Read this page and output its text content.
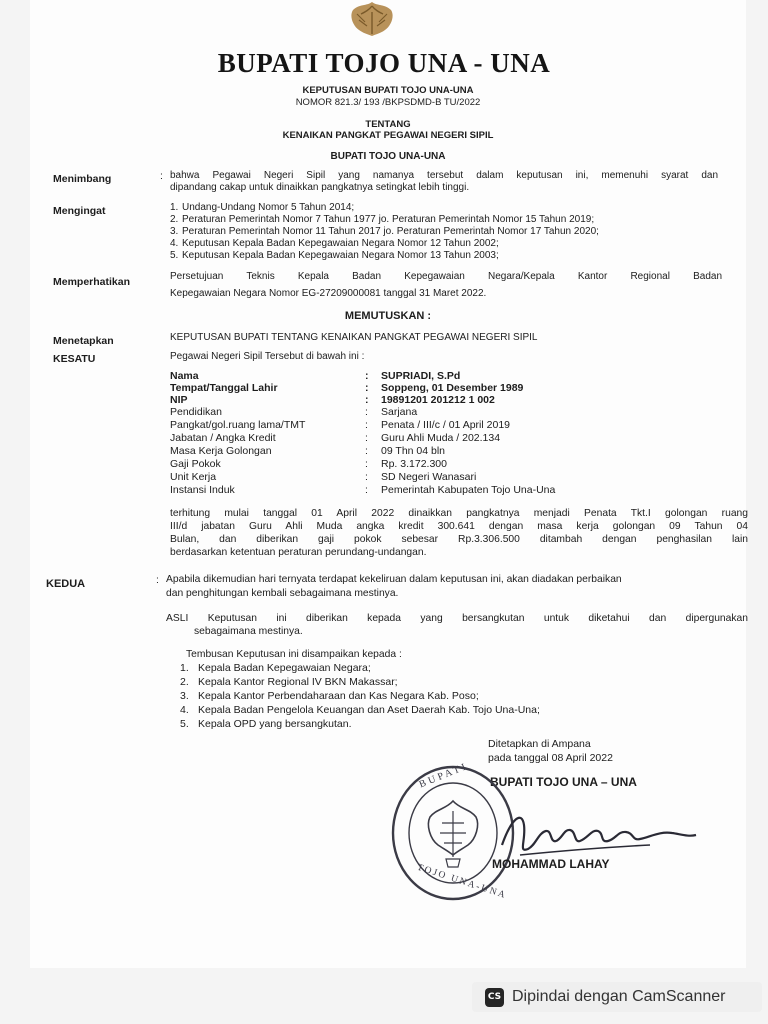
BUPATI TOJO UNA - UNA
KEPUTUSAN BUPATI TOJO UNA-UNA
NOMOR 821.3/ 193 /BKPSDMD-B TU/2022
TENTANG
KENAIKAN PANGKAT PEGAWAI NEGERI SIPIL
BUPATI TOJO UNA-UNA
Menimbang	: bahwa Pegawai Negeri Sipil yang namanya tersebut dalam keputusan ini, memenuhi syarat dan
dipandang cakap untuk dinaikkan pangkatnya setingkat lebih tinggi.
Mengingat	1. Undang-Undang Nomor 5 Tahun 2014;
2. Peraturan Pemerintah Nomor 7 Tahun 1977 jo. Peraturan Pemerintah Nomor 15 Tahun 2019;
3. Peraturan Pemerintah Nomor 11 Tahun 2017 jo. Peraturan Pemerintah Nomor 17 Tahun 2020;
4. Keputusan Kepala Badan Kepegawaian Negara Nomor 12 Tahun 2002;
5. Keputusan Kepala Badan Kepegawaian Negara Nomor 13 Tahun 2003;
Memperhatikan	Persetujuan Teknis Kepala Badan Kepegawaian Negara/Kepala Kantor Regional Badan
Kepegawaian Negara Nomor EG-27209000081 tanggal 31 Maret 2022.
MEMUTUSKAN :
Menetapkan	KEPUTUSAN BUPATI TENTANG KENAIKAN PANGKAT PEGAWAI NEGERI SIPIL
KESATU	Pegawai Negeri Sipil Tersebut di bawah ini :
Nama	: SUPRIADI, S.Pd
Tempat/Tanggal Lahir	: Soppeng, 01 Desember 1989
NIP	: 19891201 201212 1 002
Pendidikan	: Sarjana
Pangkat/gol.ruang lama/TMT	: Penata / III/c / 01 April 2019
Jabatan / Angka Kredit	: Guru Ahli Muda / 202.134
Masa Kerja Golongan	: 09 Thn 04 bln
Gaji Pokok	: Rp. 3.172.300
Unit Kerja	: SD Negeri Wanasari
Instansi Induk	: Pemerintah Kabupaten Tojo Una-Una
terhitung mulai tanggal 01 April 2022 dinaikkan pangkatnya menjadi Penata Tkt.I golongan ruang
III/d jabatan Guru Ahli Muda angka kredit 300.641 dengan masa kerja golongan 09 Tahun 04
Bulan, dan diberikan gaji pokok sebesar Rp.3.306.500 ditambah dengan penghasilan lain
berdasarkan ketentuan peraturan perundang-undangan.
KEDUA	: Apabila dikemudian hari ternyata terdapat kekeliruan dalam keputusan ini, akan diadakan perbaikan
dan penghitungan kembali sebagaimana mestinya.
ASLI Keputusan ini diberikan kepada yang bersangkutan untuk diketahui dan dipergunakan
sebagaimana mestinya.
Tembusan Keputusan ini disampaikan kepada :
1. Kepala Badan Kepegawaian Negara;
2. Kepala Kantor Regional IV BKN Makassar;
3. Kepala Kantor Perbendaharaan dan Kas Negara Kab. Poso;
4. Kepala Badan Pengelola Keuangan dan Aset Daerah Kab. Tojo Una-Una;
5. Kepala OPD yang bersangkutan.
Ditetapkan di Ampana
pada tanggal 08 April 2022
BUPATI TOJO UNA – UNA
BUPATI
TOJO UNA-UNA
MOHAMMAD LAHAY
CS Dipindai dengan CamScanner
